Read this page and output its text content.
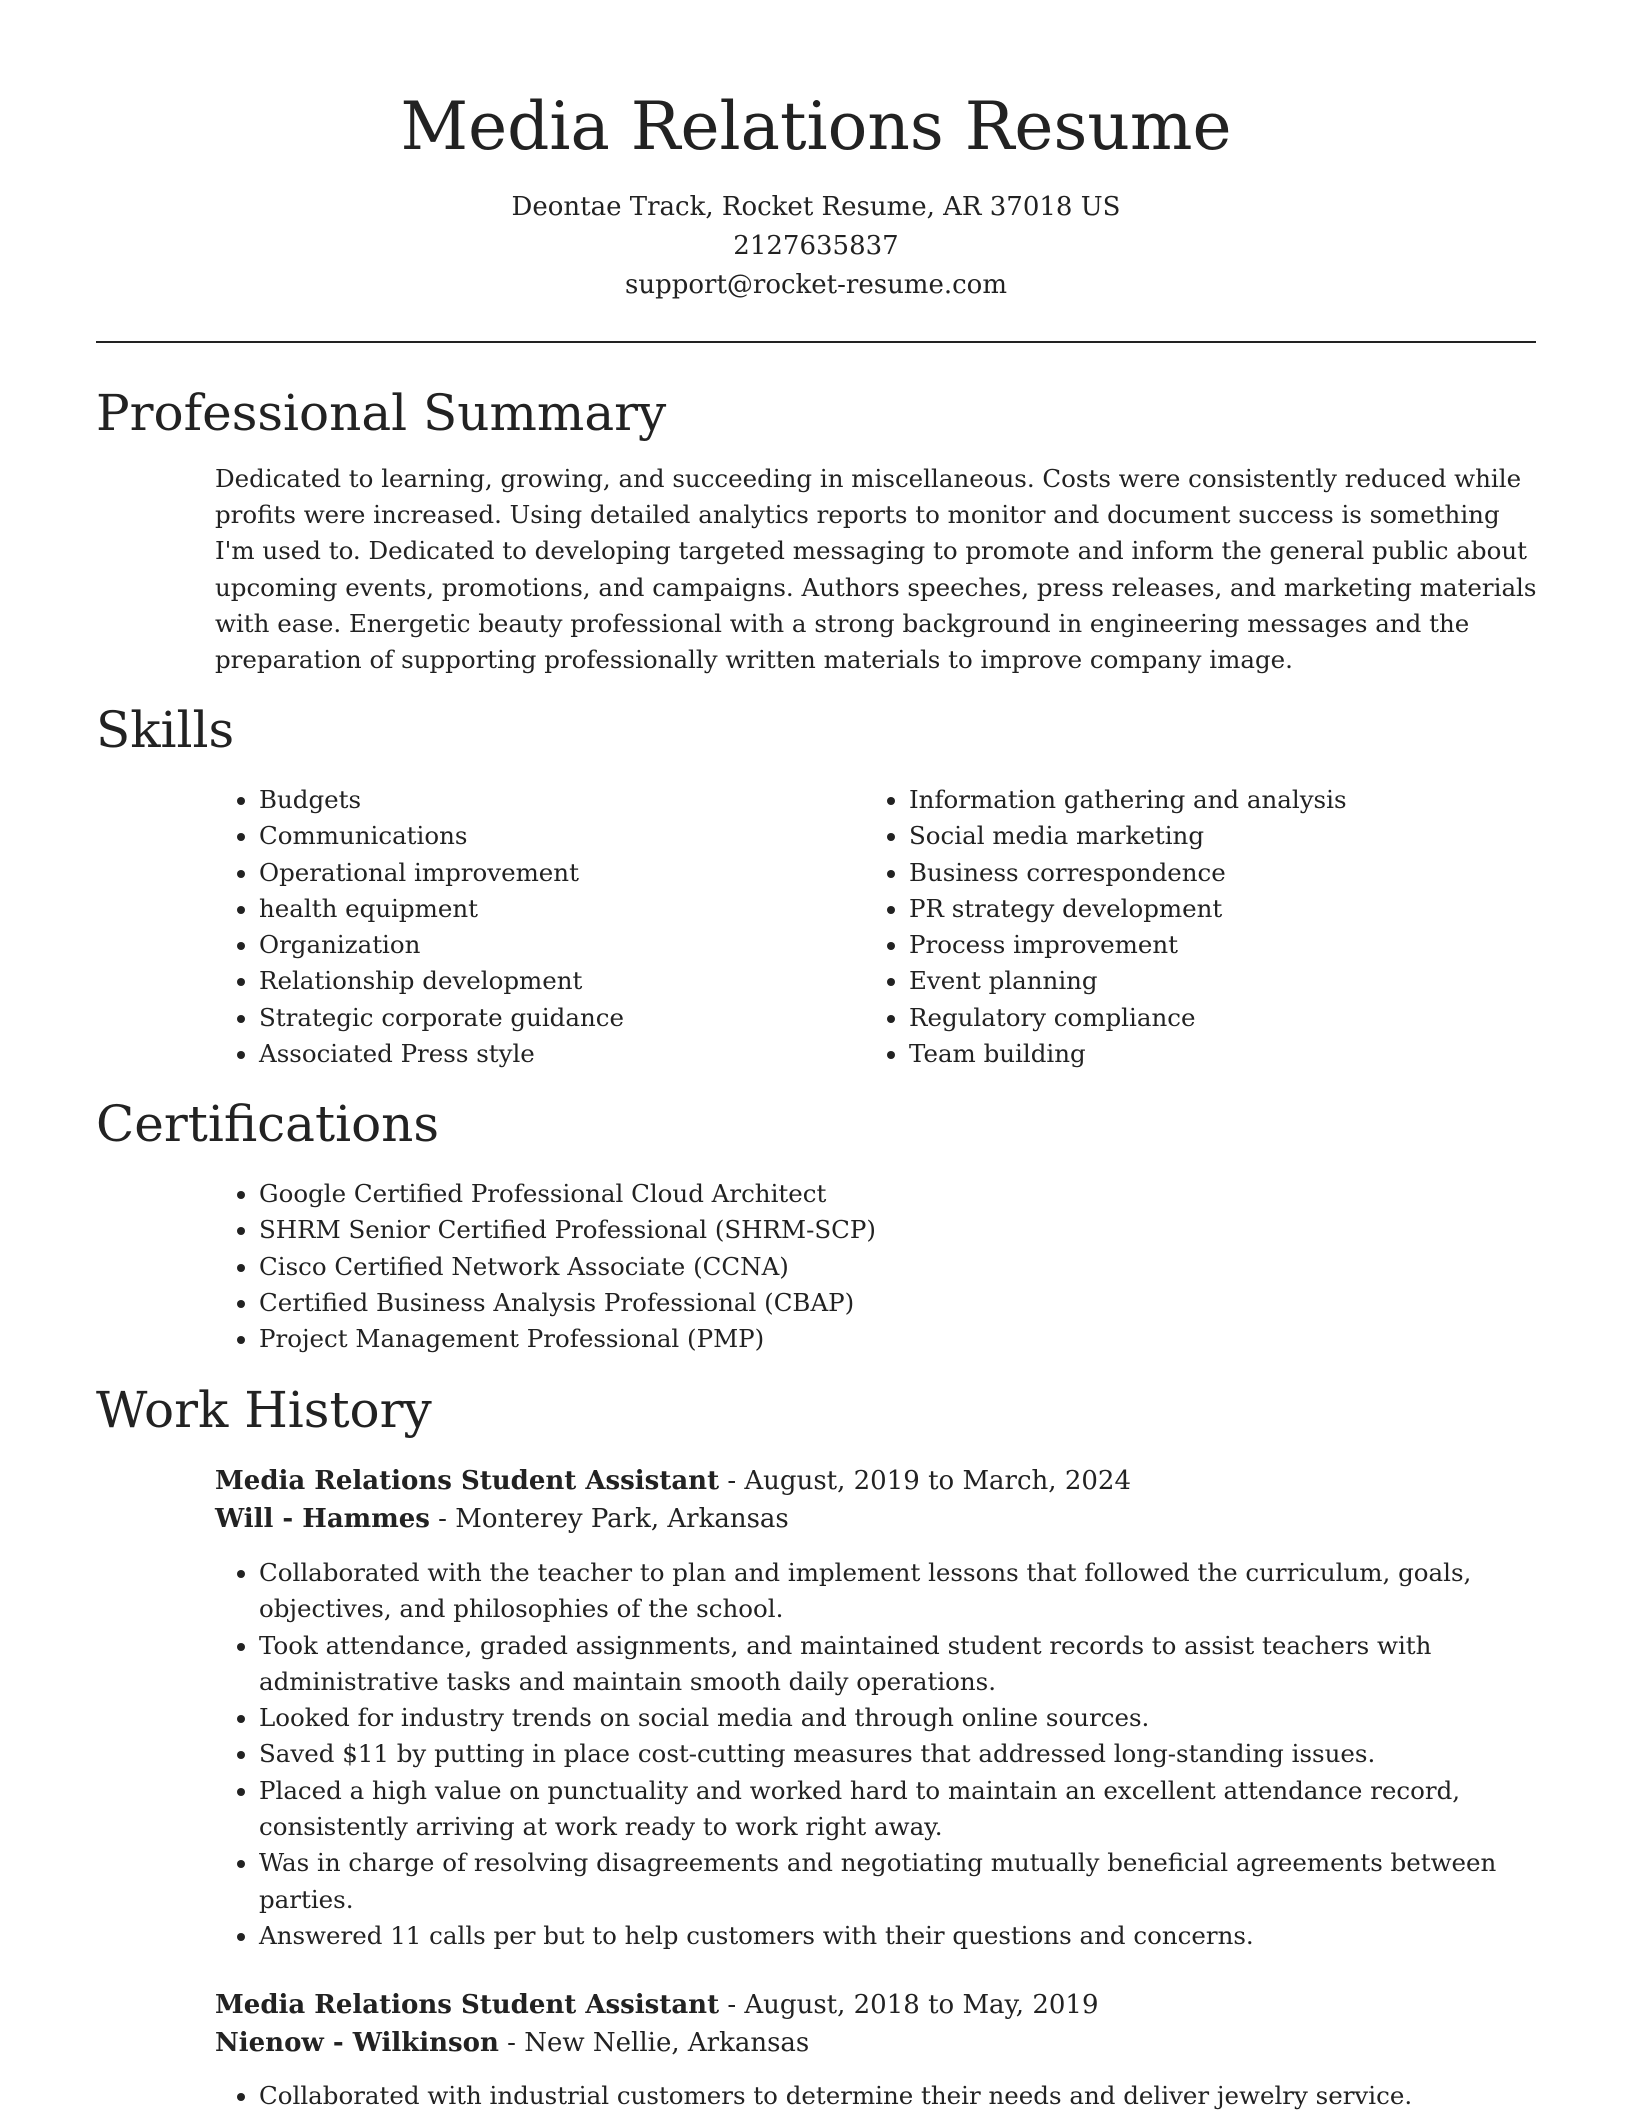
Media Relations Resume

Deontae Track, Rocket Resume, AR 37018 US

2127635837

support@rocket-resume.com

Professional Summary

Dedicated to learning, growing, and succeeding in miscellaneous. Costs were consistently reduced while profits were increased. Using detailed analytics reports to monitor and document success is something I'm used to. Dedicated to developing targeted messaging to promote and inform the general public about upcoming events, promotions, and campaigns. Authors speeches, press releases, and marketing materials with ease. Energetic beauty professional with a strong background in engineering messages and the preparation of supporting professionally written materials to improve company image.

Skills
• Budgets
• Communications
• Operational improvement
• health equipment
• Organization
• Relationship development
• Strategic corporate guidance
• Associated Press style
• Information gathering and analysis
• Social media marketing
• Business correspondence
• PR strategy development
• Process improvement
• Event planning
• Regulatory compliance
• Team building
Certifications
• Google Certified Professional Cloud Architect
• SHRM Senior Certified Professional (SHRM-SCP)
• Cisco Certified Network Associate (CCNA)
• Certified Business Analysis Professional (CBAP)
• Project Management Professional (PMP)
Work History

Media Relations Student Assistant - August, 2019 to March, 2024

Will - Hammes - Monterey Park, Arkansas

• Collaborated with the teacher to plan and implement lessons that followed the curriculum, goals, objectives, and philosophies of the school.
• Took attendance, graded assignments, and maintained student records to assist teachers with administrative tasks and maintain smooth daily operations.
• Looked for industry trends on social media and through online sources.
• Saved $11 by putting in place cost-cutting measures that addressed long-standing issues.
• Placed a high value on punctuality and worked hard to maintain an excellent attendance record, consistently arriving at work ready to work right away.
• Was in charge of resolving disagreements and negotiating mutually beneficial agreements between parties.
• Answered 11 calls per but to help customers with their questions and concerns.

Media Relations Student Assistant - August, 2018 to May, 2019

Nienow - Wilkinson - New Nellie, Arkansas

• Collaborated with industrial customers to determine their needs and deliver jewelry service.
